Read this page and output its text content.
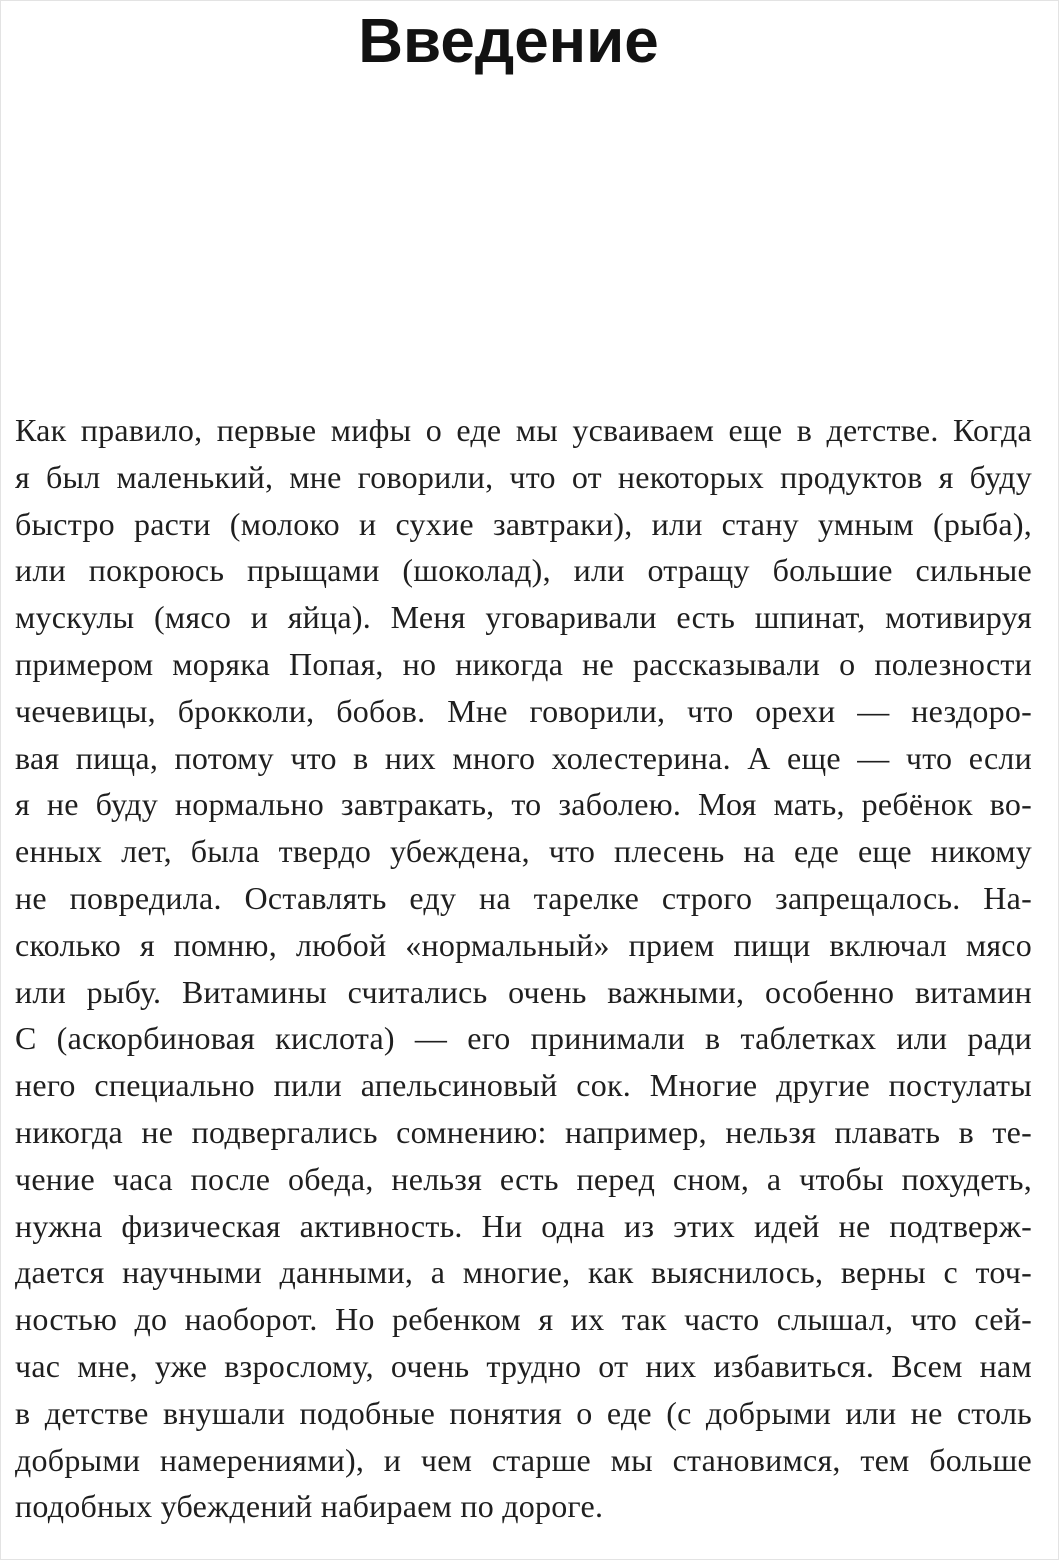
Введение
Как правило, первые мифы о еде мы усваиваем еще в детстве. Когда
я был маленький, мне говорили, что от некоторых продуктов я буду
быстро расти (молоко и сухие завтраки), или стану умным (рыба),
или покроюсь прыщами (шоколад), или отращу большие сильные
мускулы (мясо и яйца). Меня уговаривали есть шпинат, мотивируя
примером моряка Попая, но никогда не рассказывали о полезности
чечевицы, брокколи, бобов. Мне говорили, что орехи — нездоро-
вая пища, потому что в них много холестерина. А еще — что если
я не буду нормально завтракать, то заболею. Моя мать, ребёнок во-
енных лет, была твердо убеждена, что плесень на еде еще никому
не повредила. Оставлять еду на тарелке строго запрещалось. На-
сколько я помню, любой «нормальный» прием пищи включал мясо
или рыбу. Витамины считались очень важными, особенно витамин
C (аскорбиновая кислота) — его принимали в таблетках или ради
него специально пили апельсиновый сок. Многие другие постулаты
никогда не подвергались сомнению: например, нельзя плавать в те-
чение часа после обеда, нельзя есть перед сном, а чтобы похудеть,
нужна физическая активность. Ни одна из этих идей не подтверж-
дается научными данными, а многие, как выяснилось, верны с точ-
ностью до наоборот. Но ребенком я их так часто слышал, что сей-
час мне, уже взрослому, очень трудно от них избавиться. Всем нам
в детстве внушали подобные понятия о еде (с добрыми или не столь
добрыми намерениями), и чем старше мы становимся, тем больше
подобных убеждений набираем по дороге.
